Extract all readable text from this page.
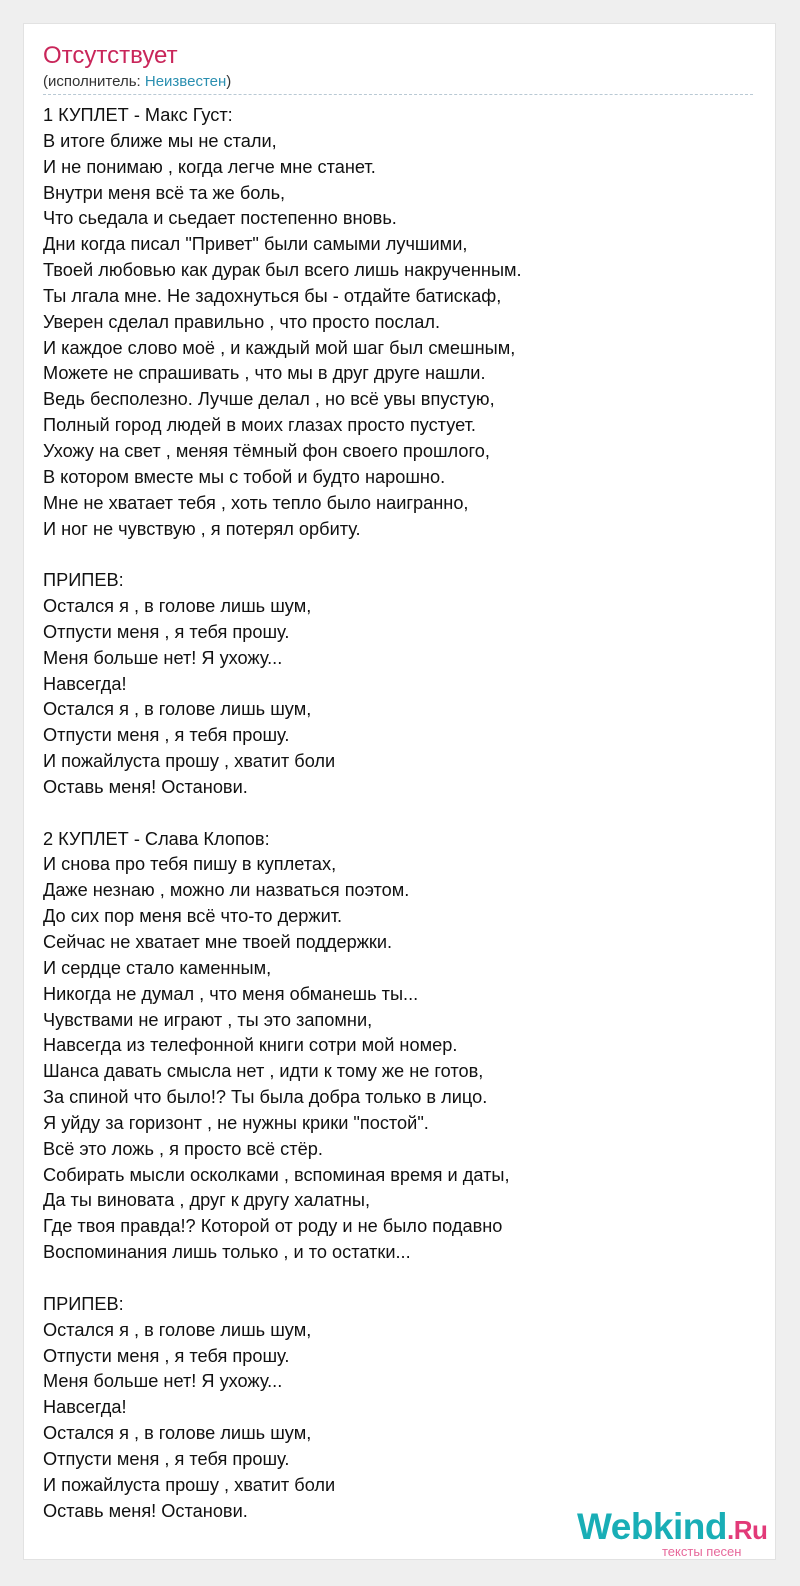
Отсутствует
(исполнитель: Неизвестен)
1 КУПЛЕТ - Макс Густ:
В итоге ближе мы не стали,
И не понимаю , когда легче мне станет.
Внутри меня всё та же боль,
Что сьедала и сьедает постепенно вновь.
Дни когда писал "Привет" были самыми лучшими,
Твоей любовью как дурак был всего лишь накрученным.
Ты лгала мне. Не задохнуться бы - отдайте батискаф,
Уверен сделал правильно , что просто послал.
И каждое слово моё , и каждый мой шаг был смешным,
Можете не спрашивать , что мы в друг друге нашли.
Ведь бесполезно. Лучше делал , но всё увы впустую,
Полный город людей в моих глазах просто пустует.
Ухожу на свет , меняя тёмный фон своего прошлого,
В котором вместе мы с тобой и будто нарошно.
Мне не хватает тебя , хоть тепло было наигранно,
И ног не чувствую , я потерял орбиту.
ПРИПЕВ:
Остался я , в голове лишь шум,
Отпусти меня , я тебя прошу.
Меня больше нет! Я ухожу...
Навсегда!
Остался я , в голове лишь шум,
Отпусти меня , я тебя прошу.
И пожайлуста прошу , хватит боли
Оставь меня! Останови.
2 КУПЛЕТ - Слава Клопов:
И снова про тебя пишу в куплетах,
Даже незнаю , можно ли назваться поэтом.
До сих пор меня всё что-то держит.
Сейчас не хватает мне твоей поддержки.
И сердце стало каменным,
Никогда не думал , что меня обманешь ты...
Чувствами не играют , ты это запомни,
Навсегда из телефонной книги сотри мой номер.
Шанса давать смысла нет , идти к тому же не готов,
За спиной что было!? Ты была добра только в лицо.
Я уйду за горизонт , не нужны крики "постой".
Всё это ложь , я просто всё стёр.
Собирать мысли осколками , вспоминая время и даты,
Да ты виновата , друг к другу халатны,
Где твоя правда!? Которой от роду и не было подавно
Воспоминания лишь только , и то остатки...
ПРИПЕВ:
Остался я , в голове лишь шум,
Отпусти меня , я тебя прошу.
Меня больше нет! Я ухожу...
Навсегда!
Остался я , в голове лишь шум,
Отпусти меня , я тебя прошу.
И пожайлуста прошу , хватит боли
Оставь меня! Останови.	Webkind.Ru
тексты песен
